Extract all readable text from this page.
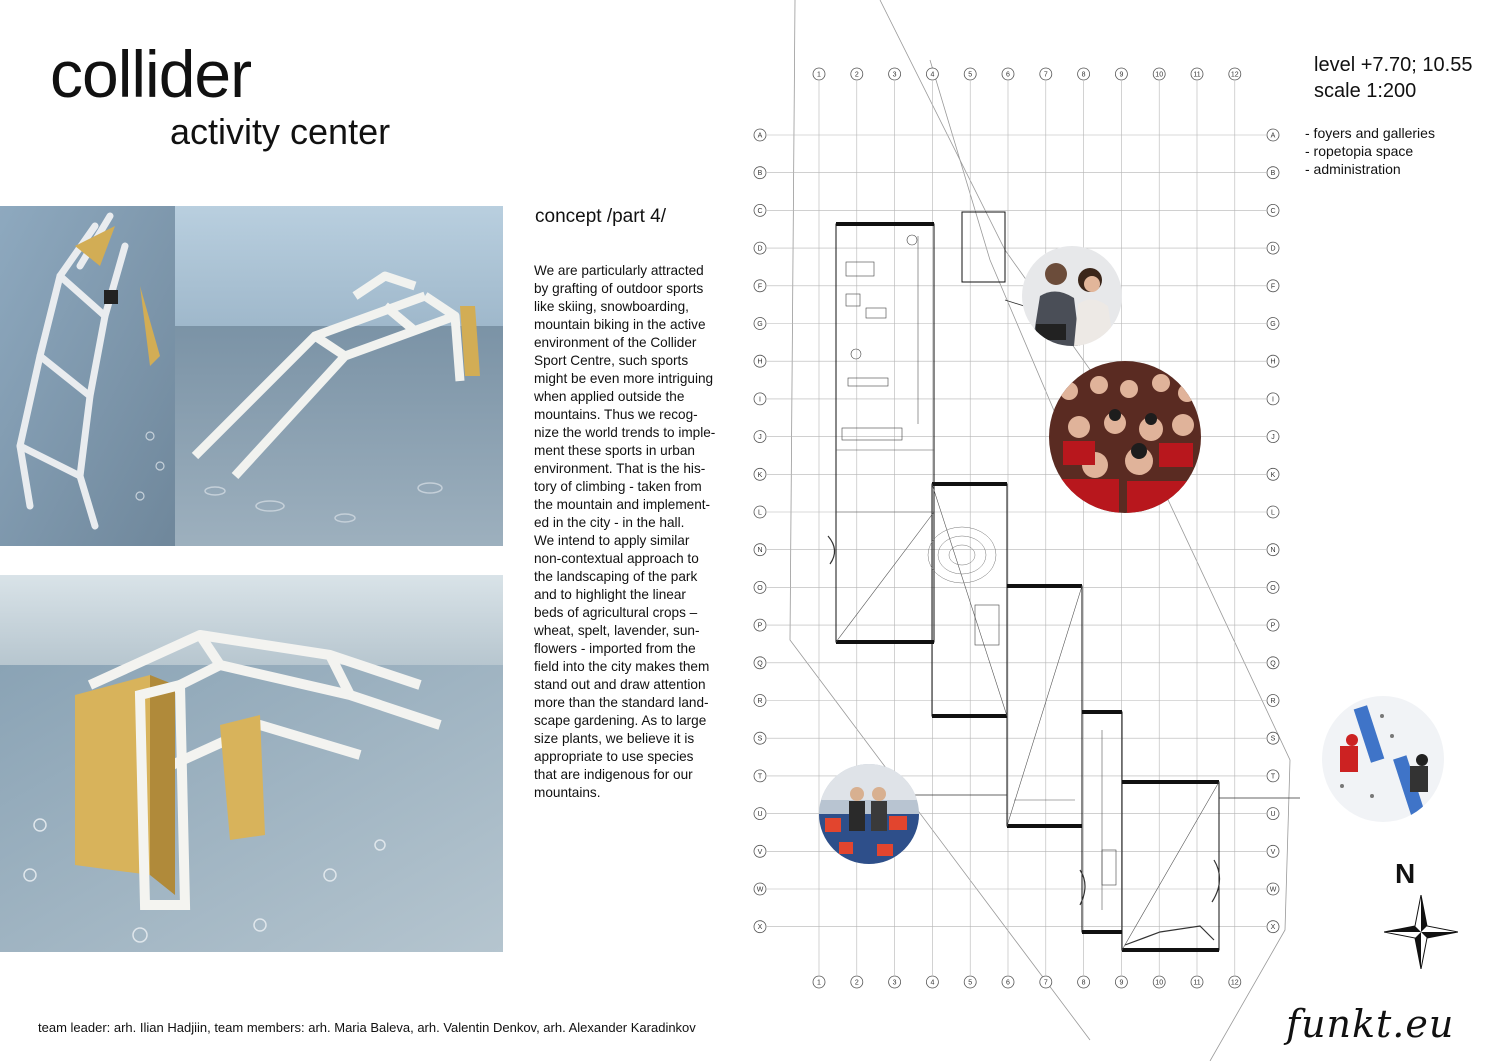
collider
activity center
level +7.70; 10.55
scale 1:200
- foyers and galleries
- ropetopia space
- administration
concept /part 4/

We are particularly attracted

by grafting of outdoor sports

like skiing, snowboarding,

mountain biking in the active

environment of the Collider

Sport Centre, such sports

might be even more intriguing

when applied outside the

mountains. Thus we recog-

nize the world trends to imple-

ment these sports in urban

environment. That is the his-

tory of climbing - taken from

the mountain and implement-

ed in the city - in the hall.

We intend to apply similar

non-contextual approach to

the landscaping of the park

and to highlight the linear

beds of agricultural crops –

wheat, spelt, lavender, sun-

flowers - imported from the

field into the city makes them

stand out and draw attention

more than the standard land-

scape gardening. As to large

size plants, we believe it is

appropriate to use species

that are indigenous for our

mountains.

1
1
2
2
3
3
4
4
5
5
6
6
7
7
8
8
9
9
10
10
11
11
12
12
A	A
B	B
C	C
D	D
F	F
G	G
H	H
I	I
J	J
K	K
L	L
N	N
O	O
P	P
Q	Q
R	R
S	S
T	T
U	U
V	V
W	W
X	X
N
team leader: arh. Ilian Hadjiin, team members: arh. Maria Baleva, arh. Valentin Denkov, arh. Alexander Karadinkov	funkt.eu
